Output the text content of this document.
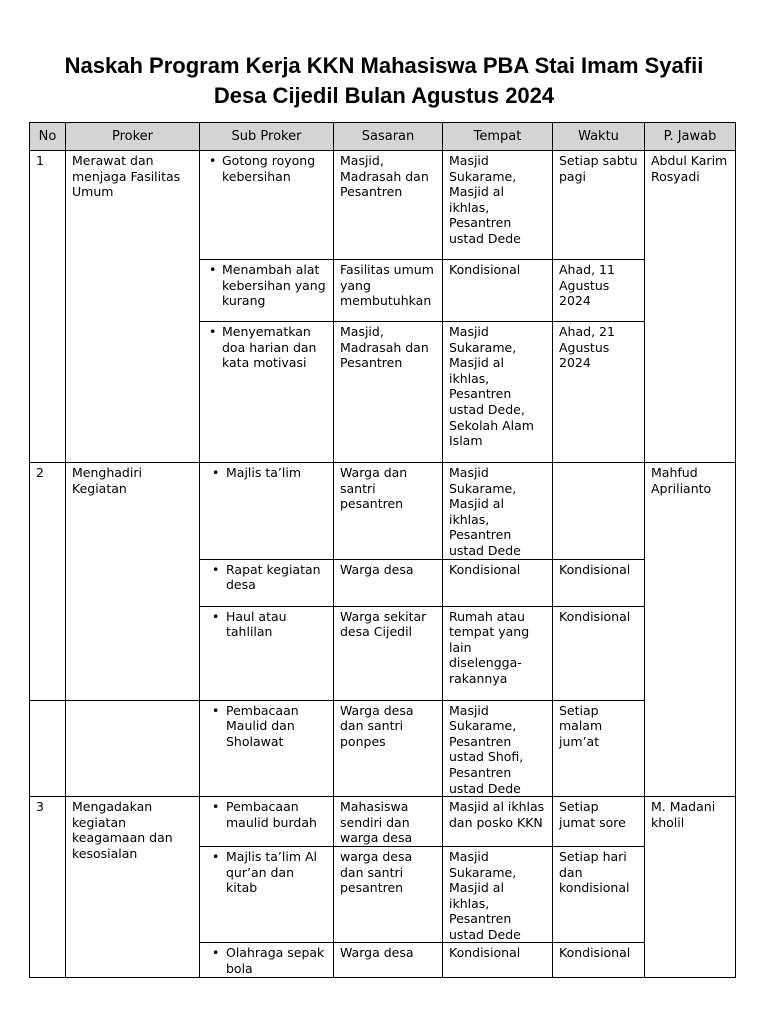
Naskah Program Kerja KKN Mahasiswa PBA Stai Imam Syafii
Desa Cijedil Bulan Agustus 2024
No	Proker	Sub Proker	Sasaran	Tempat	Waktu	P. Jawab
1	Merawat dan menjaga Fasilitas Umum	• Gotong royong kebersihan	Masjid, Madrasah dan Pesantren	Masjid Sukarame, Masjid al ikhlas, Pesantren ustad Dede	Setiap sabtu pagi	Abdul Karim Rosyadi

		• Menambah alat kebersihan yang kurang	Fasilitas umum yang membutuhkan	Kondisional	Ahad, 11 Agustus 2024	

		• Menyematkan doa harian dan kata motivasi	Masjid, Madrasah dan Pesantren	Masjid Sukarame, Masjid al ikhlas, Pesantren ustad Dede, Sekolah Alam Islam	Ahad, 21 Agustus 2024	
2	Menghadiri Kegiatan	• Majlis ta’lim	Warga dan santri pesantren	Masjid Sukarame, Masjid al ikhlas, Pesantren ustad Dede		Mahfud Aprilianto

		• Rapat kegiatan desa	Warga desa	Kondisional	Kondisional	

		• Haul atau tahlilan	Warga sekitar desa Cijedil	Rumah atau tempat yang lain diselengga-rakannya	Kondisional	

		• Pembacaan Maulid dan Sholawat	Warga desa dan santri ponpes	Masjid Sukarame, Pesantren ustad Shofi, Pesantren ustad Dede	Setiap malam jum’at	
3	Mengadakan kegiatan keagamaan dan kesosialan	• Pembacaan maulid burdah	Mahasiswa sendiri dan warga desa	Masjid al ikhlas dan posko KKN	Setiap jumat sore	M. Madani kholil

		• Majlis ta’lim Al qur’an dan kitab	warga desa dan santri pesantren	Masjid Sukarame, Masjid al ikhlas, Pesantren ustad Dede	Setiap hari dan kondisional	

		• Olahraga sepak bola	Warga desa	Kondisional	Kondisional	
